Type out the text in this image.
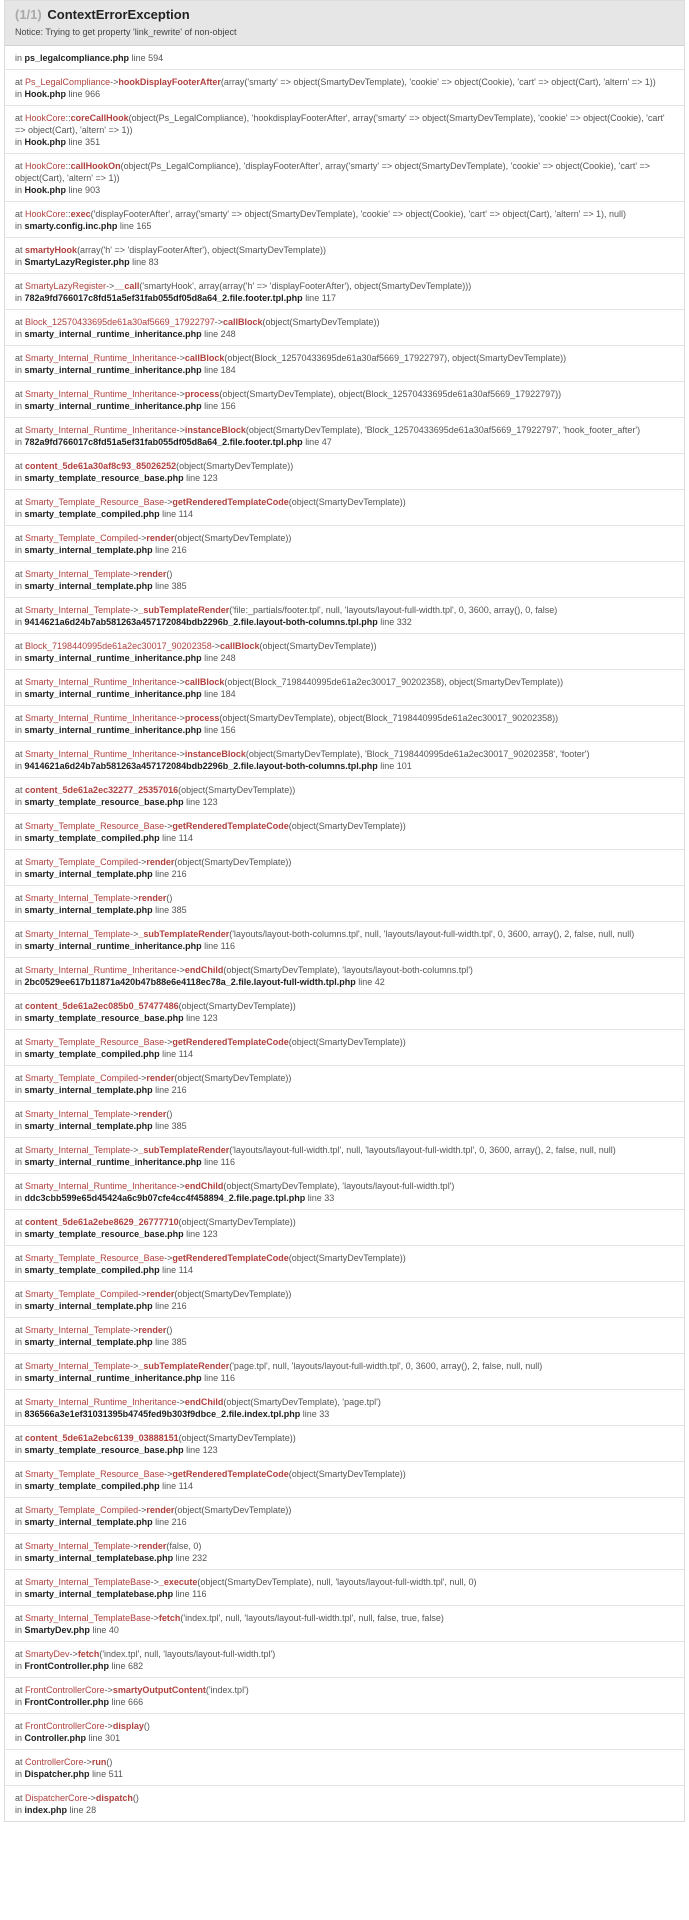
(1/1) ContextErrorException
Notice: Trying to get property 'link_rewrite' of non-object
in ps_legalcompliance.php line 594
at Ps_LegalCompliance->hookDisplayFooterAfter(array('smarty' => object(SmartyDevTemplate), 'cookie' => object(Cookie), 'cart' => object(Cart), 'altern' => 1))
in Hook.php line 966
at HookCore::coreCallHook(object(Ps_LegalCompliance), 'hookdisplayFooterAfter', array('smarty' => object(SmartyDevTemplate), 'cookie' => object(Cookie), 'cart' => object(Cart), 'altern' => 1))
in Hook.php line 351
at HookCore::callHookOn(object(Ps_LegalCompliance), 'displayFooterAfter', array('smarty' => object(SmartyDevTemplate), 'cookie' => object(Cookie), 'cart' => object(Cart), 'altern' => 1))
in Hook.php line 903
at HookCore::exec('displayFooterAfter', array('smarty' => object(SmartyDevTemplate), 'cookie' => object(Cookie), 'cart' => object(Cart), 'altern' => 1), null)
in smarty.config.inc.php line 165
at smartyHook(array('h' => 'displayFooterAfter'), object(SmartyDevTemplate))
in SmartyLazyRegister.php line 83
at SmartyLazyRegister->__call('smartyHook', array(array('h' => 'displayFooterAfter'), object(SmartyDevTemplate)))
in 782a9fd766017c8fd51a5ef31fab055df05d8a64_2.file.footer.tpl.php line 117
at Block_12570433695de61a30af5669_17922797->callBlock(object(SmartyDevTemplate))
in smarty_internal_runtime_inheritance.php line 248
at Smarty_Internal_Runtime_Inheritance->callBlock(object(Block_12570433695de61a30af5669_17922797), object(SmartyDevTemplate))
in smarty_internal_runtime_inheritance.php line 184
at Smarty_Internal_Runtime_Inheritance->process(object(SmartyDevTemplate), object(Block_12570433695de61a30af5669_17922797))
in smarty_internal_runtime_inheritance.php line 156
at Smarty_Internal_Runtime_Inheritance->instanceBlock(object(SmartyDevTemplate), 'Block_12570433695de61a30af5669_17922797', 'hook_footer_after')
in 782a9fd766017c8fd51a5ef31fab055df05d8a64_2.file.footer.tpl.php line 47
at content_5de61a30af8c93_85026252(object(SmartyDevTemplate))
in smarty_template_resource_base.php line 123
at Smarty_Template_Resource_Base->getRenderedTemplateCode(object(SmartyDevTemplate))
in smarty_template_compiled.php line 114
at Smarty_Template_Compiled->render(object(SmartyDevTemplate))
in smarty_internal_template.php line 216
at Smarty_Internal_Template->render()
in smarty_internal_template.php line 385
at Smarty_Internal_Template->_subTemplateRender('file:_partials/footer.tpl', null, 'layouts/layout-full-width.tpl', 0, 3600, array(), 0, false)
in 9414621a6d24b7ab581263a457172084bdb2296b_2.file.layout-both-columns.tpl.php line 332
at Block_7198440995de61a2ec30017_90202358->callBlock(object(SmartyDevTemplate))
in smarty_internal_runtime_inheritance.php line 248
at Smarty_Internal_Runtime_Inheritance->callBlock(object(Block_7198440995de61a2ec30017_90202358), object(SmartyDevTemplate))
in smarty_internal_runtime_inheritance.php line 184
at Smarty_Internal_Runtime_Inheritance->process(object(SmartyDevTemplate), object(Block_7198440995de61a2ec30017_90202358))
in smarty_internal_runtime_inheritance.php line 156
at Smarty_Internal_Runtime_Inheritance->instanceBlock(object(SmartyDevTemplate), 'Block_7198440995de61a2ec30017_90202358', 'footer')
in 9414621a6d24b7ab581263a457172084bdb2296b_2.file.layout-both-columns.tpl.php line 101
at content_5de61a2ec32277_25357016(object(SmartyDevTemplate))
in smarty_template_resource_base.php line 123
at Smarty_Template_Resource_Base->getRenderedTemplateCode(object(SmartyDevTemplate))
in smarty_template_compiled.php line 114
at Smarty_Template_Compiled->render(object(SmartyDevTemplate))
in smarty_internal_template.php line 216
at Smarty_Internal_Template->render()
in smarty_internal_template.php line 385
at Smarty_Internal_Template->_subTemplateRender('layouts/layout-both-columns.tpl', null, 'layouts/layout-full-width.tpl', 0, 3600, array(), 2, false, null, null)
in smarty_internal_runtime_inheritance.php line 116
at Smarty_Internal_Runtime_Inheritance->endChild(object(SmartyDevTemplate), 'layouts/layout-both-columns.tpl')
in 2bc0529ee617b11871a420b47b88e6e4118ec78a_2.file.layout-full-width.tpl.php line 42
at content_5de61a2ec085b0_57477486(object(SmartyDevTemplate))
in smarty_template_resource_base.php line 123
at Smarty_Template_Resource_Base->getRenderedTemplateCode(object(SmartyDevTemplate))
in smarty_template_compiled.php line 114
at Smarty_Template_Compiled->render(object(SmartyDevTemplate))
in smarty_internal_template.php line 216
at Smarty_Internal_Template->render()
in smarty_internal_template.php line 385
at Smarty_Internal_Template->_subTemplateRender('layouts/layout-full-width.tpl', null, 'layouts/layout-full-width.tpl', 0, 3600, array(), 2, false, null, null)
in smarty_internal_runtime_inheritance.php line 116
at Smarty_Internal_Runtime_Inheritance->endChild(object(SmartyDevTemplate), 'layouts/layout-full-width.tpl')
in ddc3cbb599e65d45424a6c9b07cfe4cc4f458894_2.file.page.tpl.php line 33
at content_5de61a2ebe8629_26777710(object(SmartyDevTemplate))
in smarty_template_resource_base.php line 123
at Smarty_Template_Resource_Base->getRenderedTemplateCode(object(SmartyDevTemplate))
in smarty_template_compiled.php line 114
at Smarty_Template_Compiled->render(object(SmartyDevTemplate))
in smarty_internal_template.php line 216
at Smarty_Internal_Template->render()
in smarty_internal_template.php line 385
at Smarty_Internal_Template->_subTemplateRender('page.tpl', null, 'layouts/layout-full-width.tpl', 0, 3600, array(), 2, false, null, null)
in smarty_internal_runtime_inheritance.php line 116
at Smarty_Internal_Runtime_Inheritance->endChild(object(SmartyDevTemplate), 'page.tpl')
in 836566a3e1ef31031395b4745fed9b303f9dbce_2.file.index.tpl.php line 33
at content_5de61a2ebc6139_03888151(object(SmartyDevTemplate))
in smarty_template_resource_base.php line 123
at Smarty_Template_Resource_Base->getRenderedTemplateCode(object(SmartyDevTemplate))
in smarty_template_compiled.php line 114
at Smarty_Template_Compiled->render(object(SmartyDevTemplate))
in smarty_internal_template.php line 216
at Smarty_Internal_Template->render(false, 0)
in smarty_internal_templatebase.php line 232
at Smarty_Internal_TemplateBase->_execute(object(SmartyDevTemplate), null, 'layouts/layout-full-width.tpl', null, 0)
in smarty_internal_templatebase.php line 116
at Smarty_Internal_TemplateBase->fetch('index.tpl', null, 'layouts/layout-full-width.tpl', null, false, true, false)
in SmartyDev.php line 40
at SmartyDev->fetch('index.tpl', null, 'layouts/layout-full-width.tpl')
in FrontController.php line 682
at FrontControllerCore->smartyOutputContent('index.tpl')
in FrontController.php line 666
at FrontControllerCore->display()
in Controller.php line 301
at ControllerCore->run()
in Dispatcher.php line 511
at DispatcherCore->dispatch()
in index.php line 28
